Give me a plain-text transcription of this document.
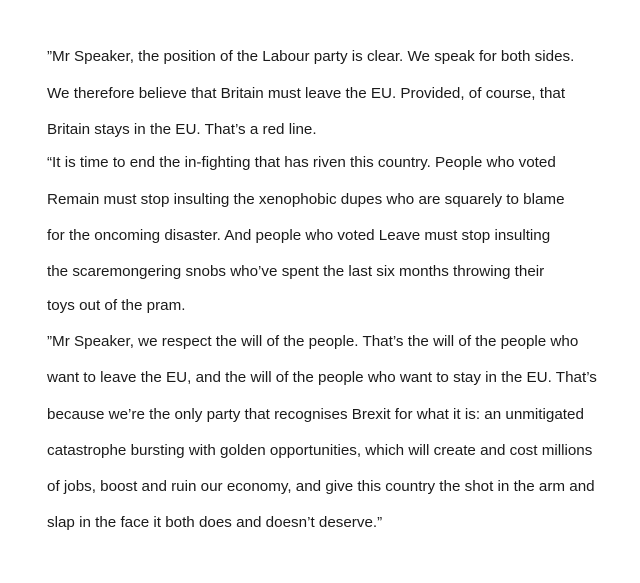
”Mr Speaker, the position of the Labour party is clear. We speak for both sides.

We therefore believe that Britain must leave the EU. Provided, of course, that

Britain stays in the EU. That’s a red line.

“It is time to end the in-fighting that has riven this country. People who voted

Remain must stop insulting the xenophobic dupes who are squarely to blame

for the oncoming disaster. And people who voted Leave must stop insulting

the scaremongering snobs who’ve spent the last six months throwing their

toys out of the pram.

”Mr Speaker, we respect the will of the people. That’s the will of the people who

want to leave the EU, and the will of the people who want to stay in the EU. That’s

because we’re the only party that recognises Brexit for what it is: an unmitigated

catastrophe bursting with golden opportunities, which will create and cost millions

of jobs, boost and ruin our economy, and give this country the shot in the arm and

slap in the face it both does and doesn’t deserve.”
